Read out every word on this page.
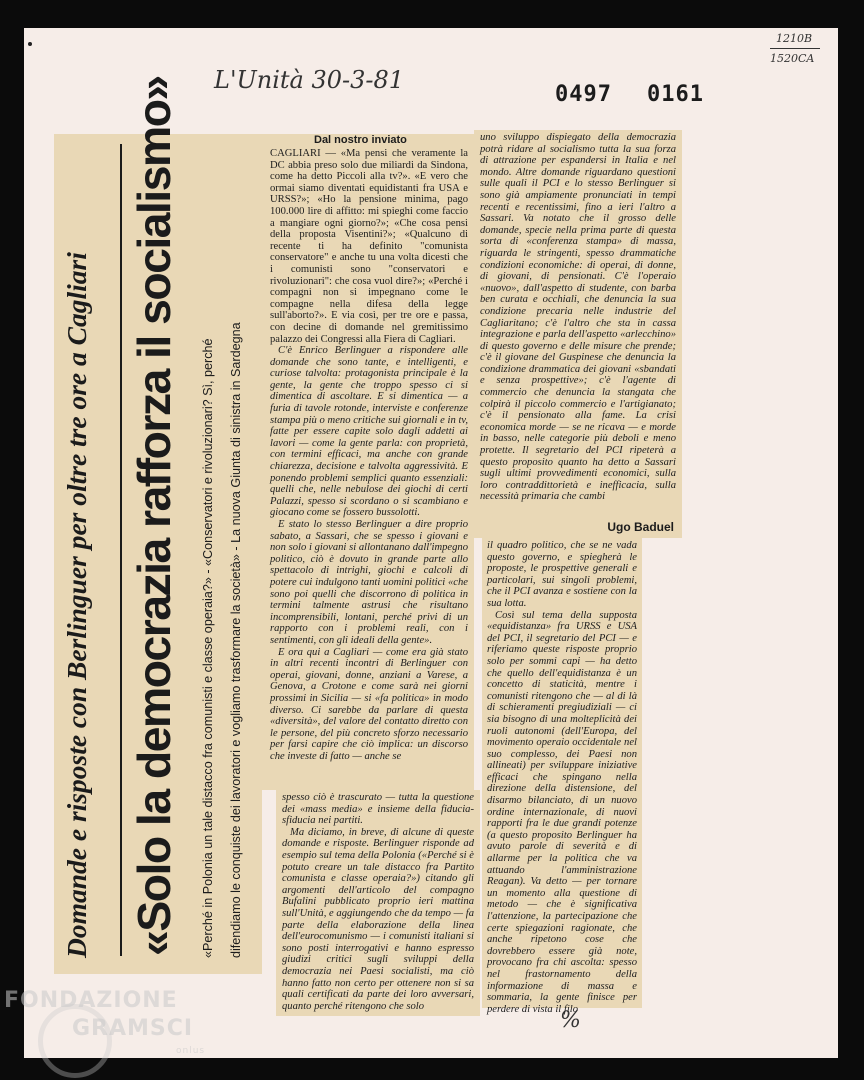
L'Unità 30-3-81
1210B
1520CA
0497 0161
%
Domande e risposte con Berlinguer per oltre tre ore a Cagliari «Solo la democrazia rafforza il socialismo»	«Perché in Polonia un tale distacco fra comunisti e classe operaia?» - «Conservatori e rivoluzionari? Sì, perché	difendiamo le conquiste dei lavoratori e vogliamo trasformare la società» - La nuova Giunta di sinistra in Sardegna
Dal nostro inviato

CAGLIARI — «Ma pensi che veramente la DC abbia preso solo due miliardi da Sindona, come ha detto Piccoli alla tv?». «E vero che ormai siamo diventati equidistanti fra USA e URSS?»; «Ho la pensione minima, pago 100.000 lire di affitto: mi spieghi come faccio a mangiare ogni giorno?»; «Che cosa pensi della proposta Visentini?»; «Qualcuno di recente ti ha definito "comunista conservatore" e anche tu una volta dicesti che i comunisti sono "conservatori e rivoluzionari": che cosa vuol dire?»; «Perché i compagni non si impegnano come le compagne nella difesa della legge sull'aborto?». E via così, per tre ore e passa, con decine di domande nel gremitissimo palazzo dei Congressi alla Fiera di Cagliari.

C'è Enrico Berlinguer a rispondere alle domande che sono tante, e intelligenti, e curiose talvolta: protagonista principale è la gente, la gente che troppo spesso ci si dimentica di ascoltare. E si dimentica — a furia di tavole rotonde, interviste e conferenze stampa più o meno critiche sui giornali e in tv, fatte per essere capite solo dagli addetti ai lavori — come la gente parla: con proprietà, con termini efficaci, ma anche con grande chiarezza, decisione e talvolta aggressività. E ponendo problemi semplici quanto essenziali: quelli che, nelle nebulose dei giochi di certi Palazzi, spesso si scordano o si scambiano e giocano come se fossero bussolotti.

E stato lo stesso Berlinguer a dire proprio sabato, a Sassari, che se spesso i giovani e non solo i giovani si allontanano dall'impegno politico, ciò è dovuto in grande parte allo spettacolo di intrighi, giochi e calcoli di potere cui indulgono tanti uomini politici «che sono poi quelli che discorrono di politica in termini talmente astrusi che risultano incomprensibili, lontani, perché privi di un rapporto con i problemi reali, con i sentimenti, con gli ideali della gente».

E ora qui a Cagliari — come era già stato in altri recenti incontri di Berlinguer con operai, giovani, donne, anziani a Varese, a Genova, a Crotone e come sarà nei giorni prossimi in Sicilia — si «fa politica» in modo diverso. Ci sarebbe da parlare di questa «diversità», del valore del contatto diretto con le persone, del più concreto sforzo necessario per farsi capire che ciò implica: un discorso che investe di fatto — anche se

spesso ciò è trascurato — tutta la questione dei «mass media» e insieme della fiducia-sfiducia nei partiti.

Ma diciamo, in breve, di alcune di queste domande e risposte. Berlinguer risponde ad esempio sul tema della Polonia («Perché si è potuto creare un tale distacco fra Partito comunista e classe operaia?») citando gli argomenti dell'articolo del compagno Bufalini pubblicato proprio ieri mattina sull'Unità, e aggiungendo che da tempo — fa parte della elaborazione della linea dell'eurocomunismo — i comunisti italiani si sono posti interrogativi e hanno espresso giudizi critici sugli sviluppi della democrazia nei Paesi socialisti, ma ciò hanno fatto non certo per ottenere non si sa quali certificati da parte dei loro avversari, quanto perché ritengono che solo

uno sviluppo dispiegato della democrazia potrà ridare al socialismo tutta la sua forza di attrazione per espandersi in Italia e nel mondo. Altre domande riguardano questioni sulle quali il PCI e lo stesso Berlinguer si sono già ampiamente pronunciati in tempi recenti e recentissimi, fino a ieri l'altro a Sassari. Va notato che il grosso delle domande, specie nella prima parte di questa sorta di «conferenza stampa» di massa, riguarda le stringenti, spesso drammatiche condizioni economiche: di operai, di donne, di giovani, di pensionati. C'è l'operaio «nuovo», dall'aspetto di studente, con barba ben curata e occhiali, che denuncia la sua condizione precaria nelle industrie del Cagliaritano; c'è l'altro che sta in cassa integrazione e parla dell'aspetto «arlecchino» di questo governo e delle misure che prende; c'è il giovane del Guspinese che denuncia la condizione drammatica dei giovani «sbandati e senza prospettive»; c'è l'agente di commercio che denuncia la stangata che colpirà il piccolo commercio e l'artigianato; c'è il pensionato alla fame. La crisi economica morde — se ne ricava — e morde in basso, nelle categorie più deboli e meno protette. Il segretario del PCI ripeterà a questo proposito quanto ha detto a Sassari sugli ultimi provvedimenti economici, sulla loro contraddittorietà e inefficacia, sulla necessità primaria che cambi

Ugo Baduel

il quadro politico, che se ne vada questo governo, e spiegherà le proposte, le prospettive generali e particolari, sui singoli problemi, che il PCI avanza e sostiene con la sua lotta.

Così sul tema della supposta «equidistanza» fra URSS e USA del PCI, il segretario del PCI — e riferiamo queste risposte proprio solo per sommi capi — ha detto che quello dell'equidistanza è un concetto di staticità, mentre i comunisti ritengono che — al di là di schieramenti pregiudiziali — ci sia bisogno di una molteplicità dei ruoli autonomi (dell'Europa, del movimento operaio occidentale nel suo complesso, dei Paesi non allineati) per sviluppare iniziative efficaci che spingano nella direzione della distensione, del disarmo bilanciato, di un nuovo ordine internazionale, di nuovi rapporti fra le due grandi potenze (a questo proposito Berlinguer ha avuto parole di severità e di allarme per la politica che va attuando l'amministrazione Reagan). Va detto — per tornare un momento alla questione di metodo — che è significativa l'attenzione, la partecipazione che certe spiegazioni ragionate, che anche ripetono cose che dovrebbero essere già note, provocano fra chi ascolta: spesso nel frastornamento della informazione di massa e sommaria, la gente finisce per perdere di vista il filo

FONDAZIONE
GRAMSCI
onlus
